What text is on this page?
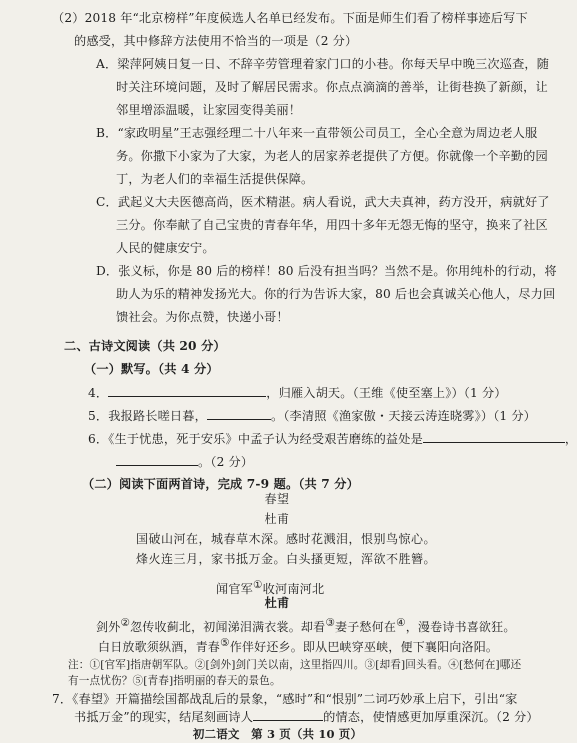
（2）2018 年“北京榜样”年度候选人名单已经发布。下面是师生们看了榜样事迹后写下
的感受，其中修辞方法使用不恰当的一项是（2 分）
A．梁萍阿姨日复一日、不辞辛劳管理着家门口的小巷。你每天早中晚三次巡查，随
时关注环境问题，及时了解居民需求。你点点滴滴的善举，让街巷换了新颜，让
邻里增添温暖，让家园变得美丽！
B．“家政明星”王志强经理二十八年来一直带领公司员工，全心全意为周边老人服
务。你撒下小家为了大家，为老人的居家养老提供了方便。你就像一个辛勤的园
丁，为老人们的幸福生活提供保障。
C．武起义大夫医德高尚，医术精湛。病人看说，武大夫真神，药方没开，病就好了
三分。你奉献了自己宝贵的青春年华，用四十多年无怨无悔的坚守，换来了社区
人民的健康安宁。
D．张义标，你是 80 后的榜样！80 后没有担当吗？当然不是。你用纯朴的行动，将
助人为乐的精神发扬光大。你的行为告诉大家，80 后也会真诚关心他人，尽力回
馈社会。为你点赞，快递小哥！
二、古诗文阅读（共 20 分）
（一）默写。（共 4 分）
4．	，归雁入胡天。（王维《使至塞上》）（1 分）
5．我报路长嗟日暮，	。（李清照《渔家傲・天接云涛连晓雾》）（1 分）
6．《生于忧患，死于安乐》中孟子认为经受艰苦磨练的益处是	，
。（2 分）
（二）阅读下面两首诗，完成 7-9 题。（共 7 分）
春望
杜甫
国破山河在，城春草木深。感时花溅泪，恨别鸟惊心。
烽火连三月，家书抵万金。白头搔更短，浑欲不胜簪。
闻官军①收河南河北
杜甫
剑外②忽传收蓟北，初闻涕泪满衣裳。却看③妻子愁何在④，漫卷诗书喜欲狂。
白日放歌须纵酒，青春⑤作伴好还乡。即从巴峡穿巫峡，便下襄阳向洛阳。
注：①[官军]指唐朝军队。②[剑外]剑门关以南，这里指四川。③[却看]回头看。④[愁何在]哪还
有一点忧伤？⑤[青春]指明丽的春天的景色。
7．《春望》开篇描绘国都战乱后的景象，“感时”和“恨别”二词巧妙承上启下，引出“家
书抵万金”的现实，结尾刻画诗人	的情态，使情感更加厚重深沉。（2 分）
初二语文　第 3 页（共 10 页）
